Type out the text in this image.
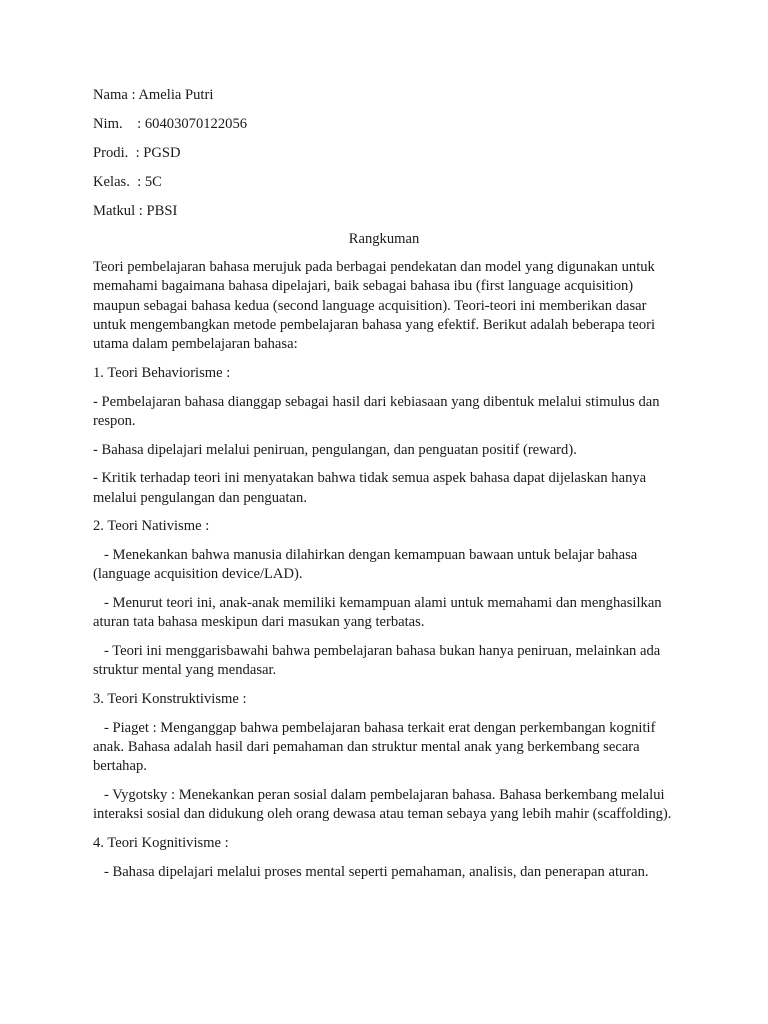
Nama : Amelia Putri

Nim.    : 60403070122056

Prodi.  : PGSD

Kelas.  : 5C

Matkul : PBSI

Rangkuman

Teori pembelajaran bahasa merujuk pada berbagai pendekatan dan model yang digunakan untuk memahami bagaimana bahasa dipelajari, baik sebagai bahasa ibu (first language acquisition) maupun sebagai bahasa kedua (second language acquisition). Teori-teori ini memberikan dasar untuk mengembangkan metode pembelajaran bahasa yang efektif. Berikut adalah beberapa teori utama dalam pembelajaran bahasa:

1. Teori Behaviorisme :

- Pembelajaran bahasa dianggap sebagai hasil dari kebiasaan yang dibentuk melalui stimulus dan respon.

- Bahasa dipelajari melalui peniruan, pengulangan, dan penguatan positif (reward).

- Kritik terhadap teori ini menyatakan bahwa tidak semua aspek bahasa dapat dijelaskan hanya melalui pengulangan dan penguatan.

2. Teori Nativisme :

- Menekankan bahwa manusia dilahirkan dengan kemampuan bawaan untuk belajar bahasa (language acquisition device/LAD).

- Menurut teori ini, anak-anak memiliki kemampuan alami untuk memahami dan menghasilkan aturan tata bahasa meskipun dari masukan yang terbatas.

- Teori ini menggarisbawahi bahwa pembelajaran bahasa bukan hanya peniruan, melainkan ada struktur mental yang mendasar.

3. Teori Konstruktivisme :

- Piaget : Menganggap bahwa pembelajaran bahasa terkait erat dengan perkembangan kognitif anak. Bahasa adalah hasil dari pemahaman dan struktur mental anak yang berkembang secara bertahap.

- Vygotsky : Menekankan peran sosial dalam pembelajaran bahasa. Bahasa berkembang melalui interaksi sosial dan didukung oleh orang dewasa atau teman sebaya yang lebih mahir (scaffolding).

4. Teori Kognitivisme :

- Bahasa dipelajari melalui proses mental seperti pemahaman, analisis, dan penerapan aturan.
